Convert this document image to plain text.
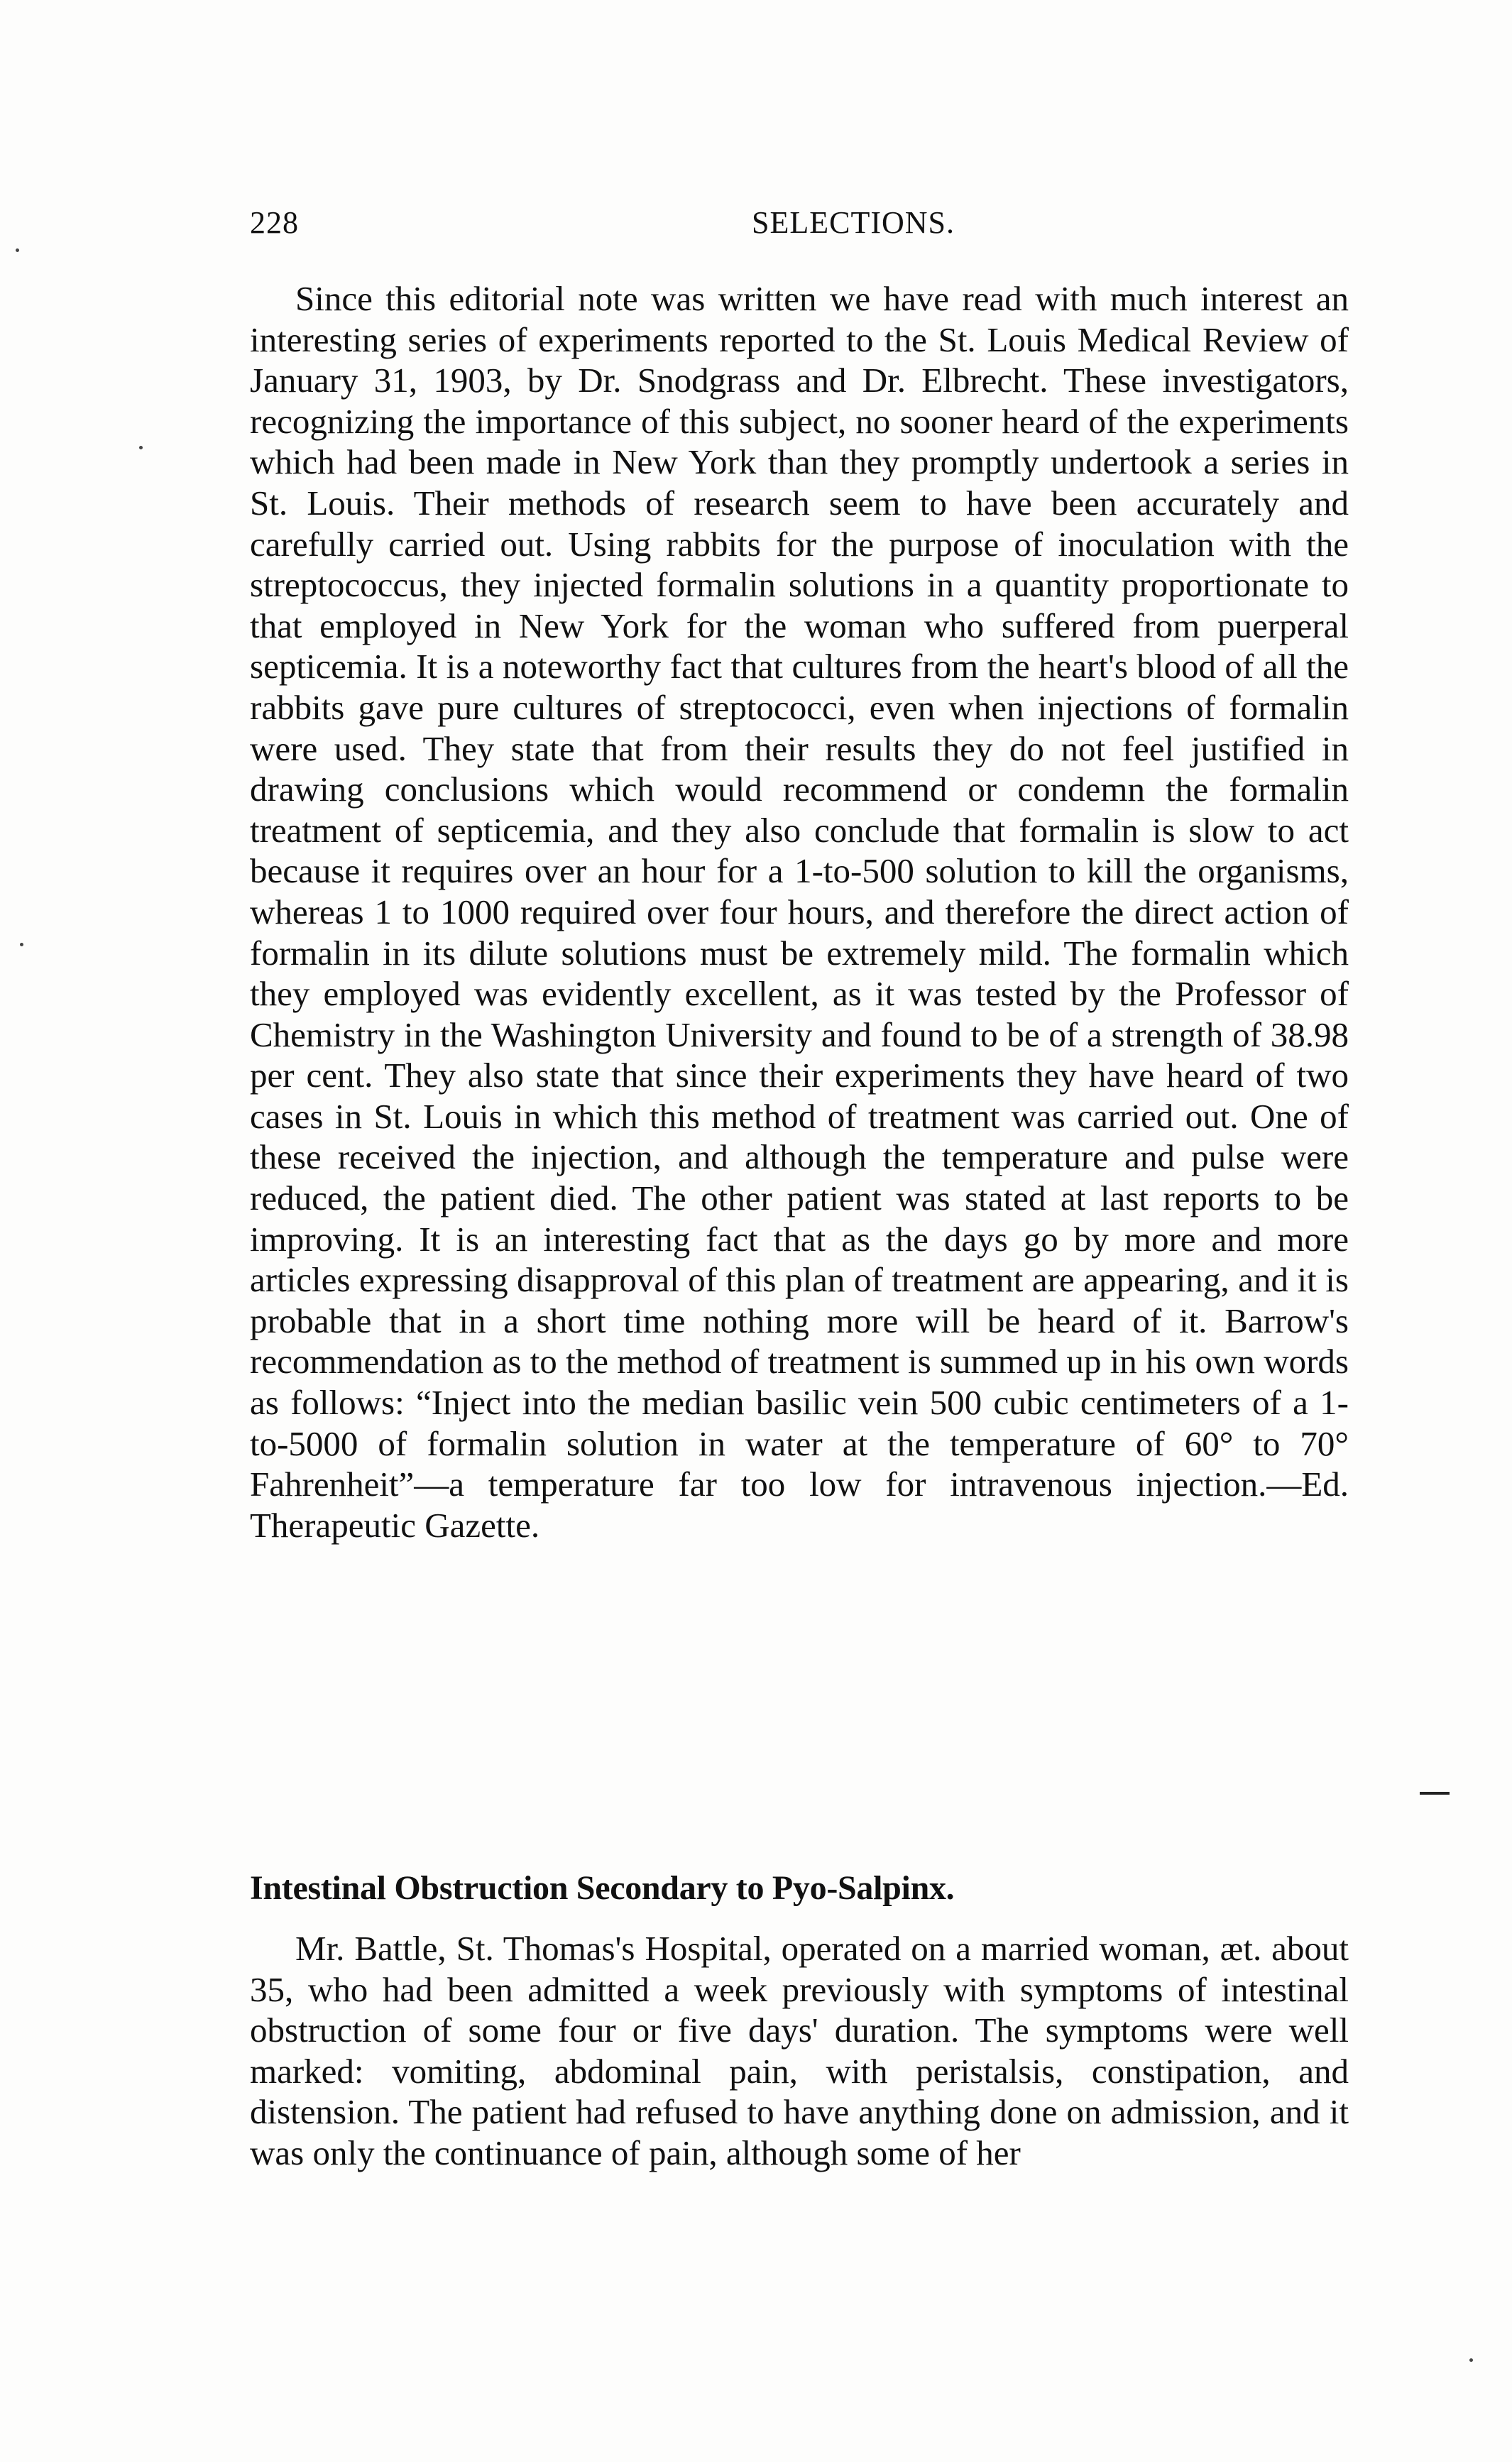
228	SELECTIONS.

Since this editorial note was written we have read with much interest an interesting series of experiments reported to the St. Louis Medical Review of January 31, 1903, by Dr. Snodgrass and Dr. Elbrecht. These investigators, recognizing the importance of this subject, no sooner heard of the experiments which had been made in New York than they promptly undertook a series in St. Louis. Their methods of research seem to have been accurately and carefully carried out. Using rabbits for the purpose of inoculation with the streptococcus, they injected formalin solutions in a quantity proportionate to that employed in New York for the woman who suffered from puerperal septicemia. It is a noteworthy fact that cultures from the heart's blood of all the rabbits gave pure cultures of streptococci, even when injections of formalin were used. They state that from their results they do not feel justified in drawing conclusions which would recommend or condemn the formalin treatment of septicemia, and they also conclude that formalin is slow to act because it requires over an hour for a 1-to-500 solution to kill the organisms, whereas 1 to 1000 required over four hours, and therefore the direct action of formalin in its dilute solutions must be extremely mild. The formalin which they employed was evidently excellent, as it was tested by the Professor of Chemistry in the Washington University and found to be of a strength of 38.98 per cent. They also state that since their experiments they have heard of two cases in St. Louis in which this method of treatment was carried out. One of these received the injection, and although the temperature and pulse were reduced, the patient died. The other patient was stated at last reports to be improving. It is an interesting fact that as the days go by more and more articles expressing disapproval of this plan of treatment are appearing, and it is probable that in a short time nothing more will be heard of it. Barrow's recommendation as to the method of treatment is summed up in his own words as follows: “Inject into the median basilic vein 500 cubic centimeters of a 1-to-5000 of formalin solution in water at the temperature of 60° to 70° Fahrenheit”—a temperature far too low for intravenous injection.—Ed. Therapeutic Gazette.

Intestinal Obstruction Secondary to Pyo-Salpinx.

Mr. Battle, St. Thomas's Hospital, operated on a married woman, æt. about 35, who had been admitted a week previously with symptoms of intestinal obstruction of some four or five days' duration. The symptoms were well marked: vomiting, abdominal pain, with peristalsis, constipation, and distension. The patient had refused to have anything done on admission, and it was only the continuance of pain, although some of her
